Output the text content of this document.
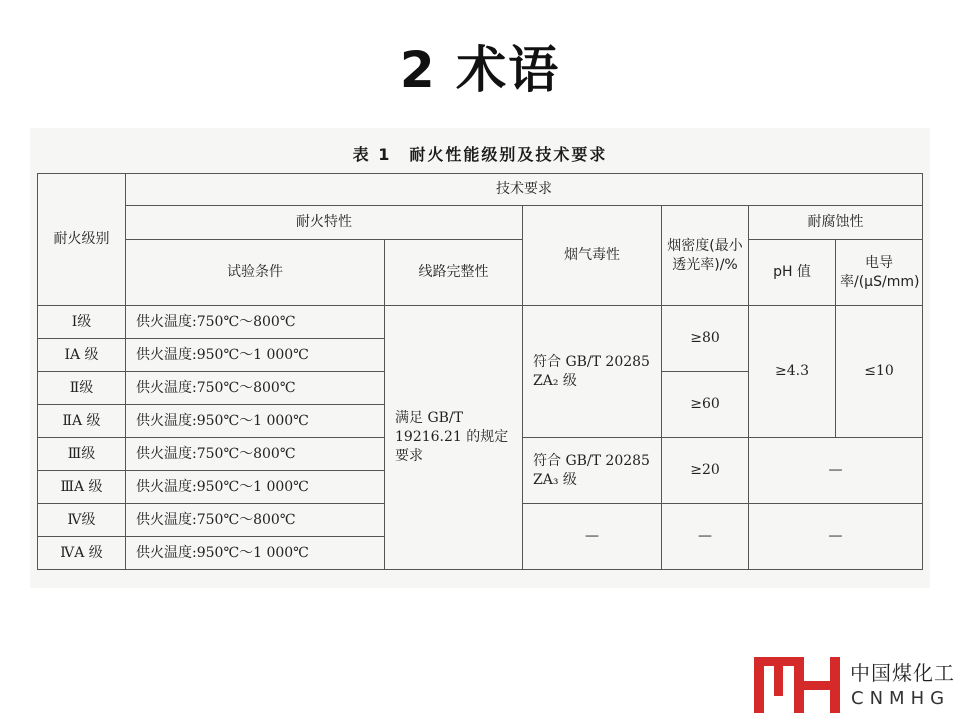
2 术语
表 1　耐火性能级别及技术要求
耐火级别	技术要求					
	耐火特性		烟气毒性	烟密度(最小透光率)/%	耐腐蚀性	
	试验条件	线路完整性			pH 值	电导率/(μS/mm)
Ⅰ级	供火温度:750℃～800℃	满足 GB/T 19216.21 的规定要求	符合 GB/T 20285 ZA₂ 级	≥80	≥4.3	≤10
ⅠA 级	供火温度:950℃～1 000℃					
Ⅱ级	供火温度:750℃～800℃			≥60		
ⅡA 级	供火温度:950℃～1 000℃					
Ⅲ级	供火温度:750℃～800℃		符合 GB/T 20285 ZA₃ 级	≥20	—	
ⅢA 级	供火温度:950℃～1 000℃					
Ⅳ级	供火温度:750℃～800℃		—	—	—	
ⅣA 级	供火温度:950℃～1 000℃					
中国煤化工
CNMHG
